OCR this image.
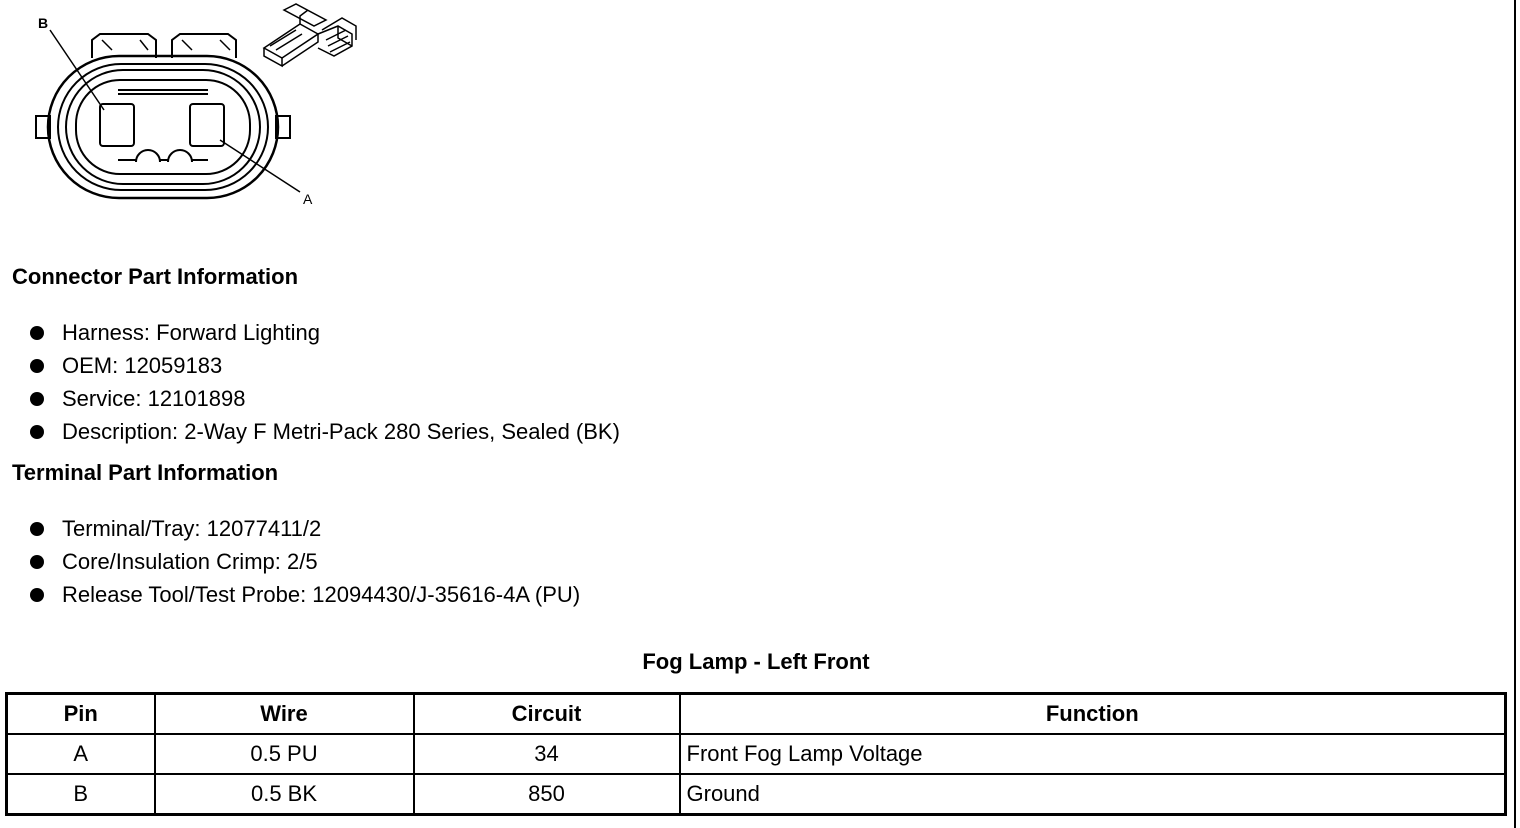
B
A
Connector Part Information
Harness: Forward Lighting
OEM: 12059183
Service: 12101898
Description: 2-Way F Metri-Pack 280 Series, Sealed (BK)
Terminal Part Information
Terminal/Tray: 12077411/2
Core/Insulation Crimp: 2/5
Release Tool/Test Probe: 12094430/J-35616-4A (PU)
Fog Lamp - Left Front
Pin	Wire	Circuit	Function
A	0.5 PU	34	Front Fog Lamp Voltage
B	0.5 BK	850	Ground
